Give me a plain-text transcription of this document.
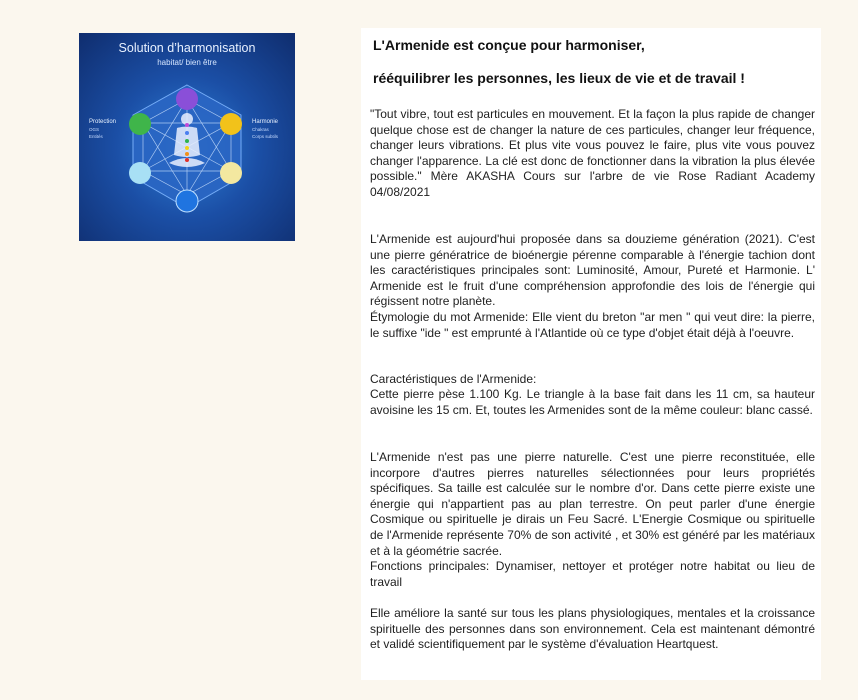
Solution d’harmonisation
habitat/ bien être
Protection
OGS
Entités
Harmonie
Chakras
Corps subtils
L'Armenide est conçue pour harmoniser,
rééquilibrer les personnes, les lieux de vie et de travail !

"Tout vibre, tout est particules en mouvement. Et la façon la plus rapide de changer quelque chose est de changer la nature de ces particules, changer leur fréquence, changer leurs vibrations. Et plus vite vous pouvez le faire, plus vite vous pouvez changer l'apparence. La clé est donc de fonctionner dans la vibration la plus élevée possible." Mère AKASHA Cours sur l'arbre de vie Rose Radiant Academy 04/08/2021

L'Armenide est aujourd'hui proposée dans sa douzieme génération (2021). C'est une pierre génératrice de bioénergie pérenne comparable à l'énergie tachion dont les caractéristiques principales sont: Luminosité, Amour, Pureté et Harmonie. L' Armenide est le fruit d'une compréhension approfondie des lois de l'énergie qui régissent notre planète.

Étymologie du mot Armenide: Elle vient du breton "ar men " qui veut dire: la pierre, le suffixe "ide " est emprunté à l'Atlantide où ce type d'objet était déjà à l'oeuvre.

Caractéristiques de l'Armenide:

Cette pierre pèse 1.100 Kg. Le triangle à la base fait dans les 11 cm, sa hauteur avoisine les 15 cm. Et, toutes les Armenides sont de la même couleur: blanc cassé.

L'Armenide n'est pas une pierre naturelle. C'est une pierre reconstituée, elle incorpore d'autres pierres naturelles sélectionnées pour leurs propriétés spécifiques. Sa taille est calculée sur le nombre d'or. Dans cette pierre existe une énergie qui n'appartient pas au plan terrestre. On peut parler d'une énergie Cosmique ou spirituelle je dirais un Feu Sacré. L'Energie Cosmique ou spirituelle de l'Armenide représente 70% de son activité , et 30% est généré par les matériaux et à la géométrie sacrée.

Fonctions principales: Dynamiser, nettoyer et protéger notre habitat ou lieu de travail

Elle améliore la santé sur tous les plans physiologiques, mentales et la croissance spirituelle des personnes dans son environnement. Cela est maintenant démontré et validé scientifiquement par le système d'évaluation Heartquest.
